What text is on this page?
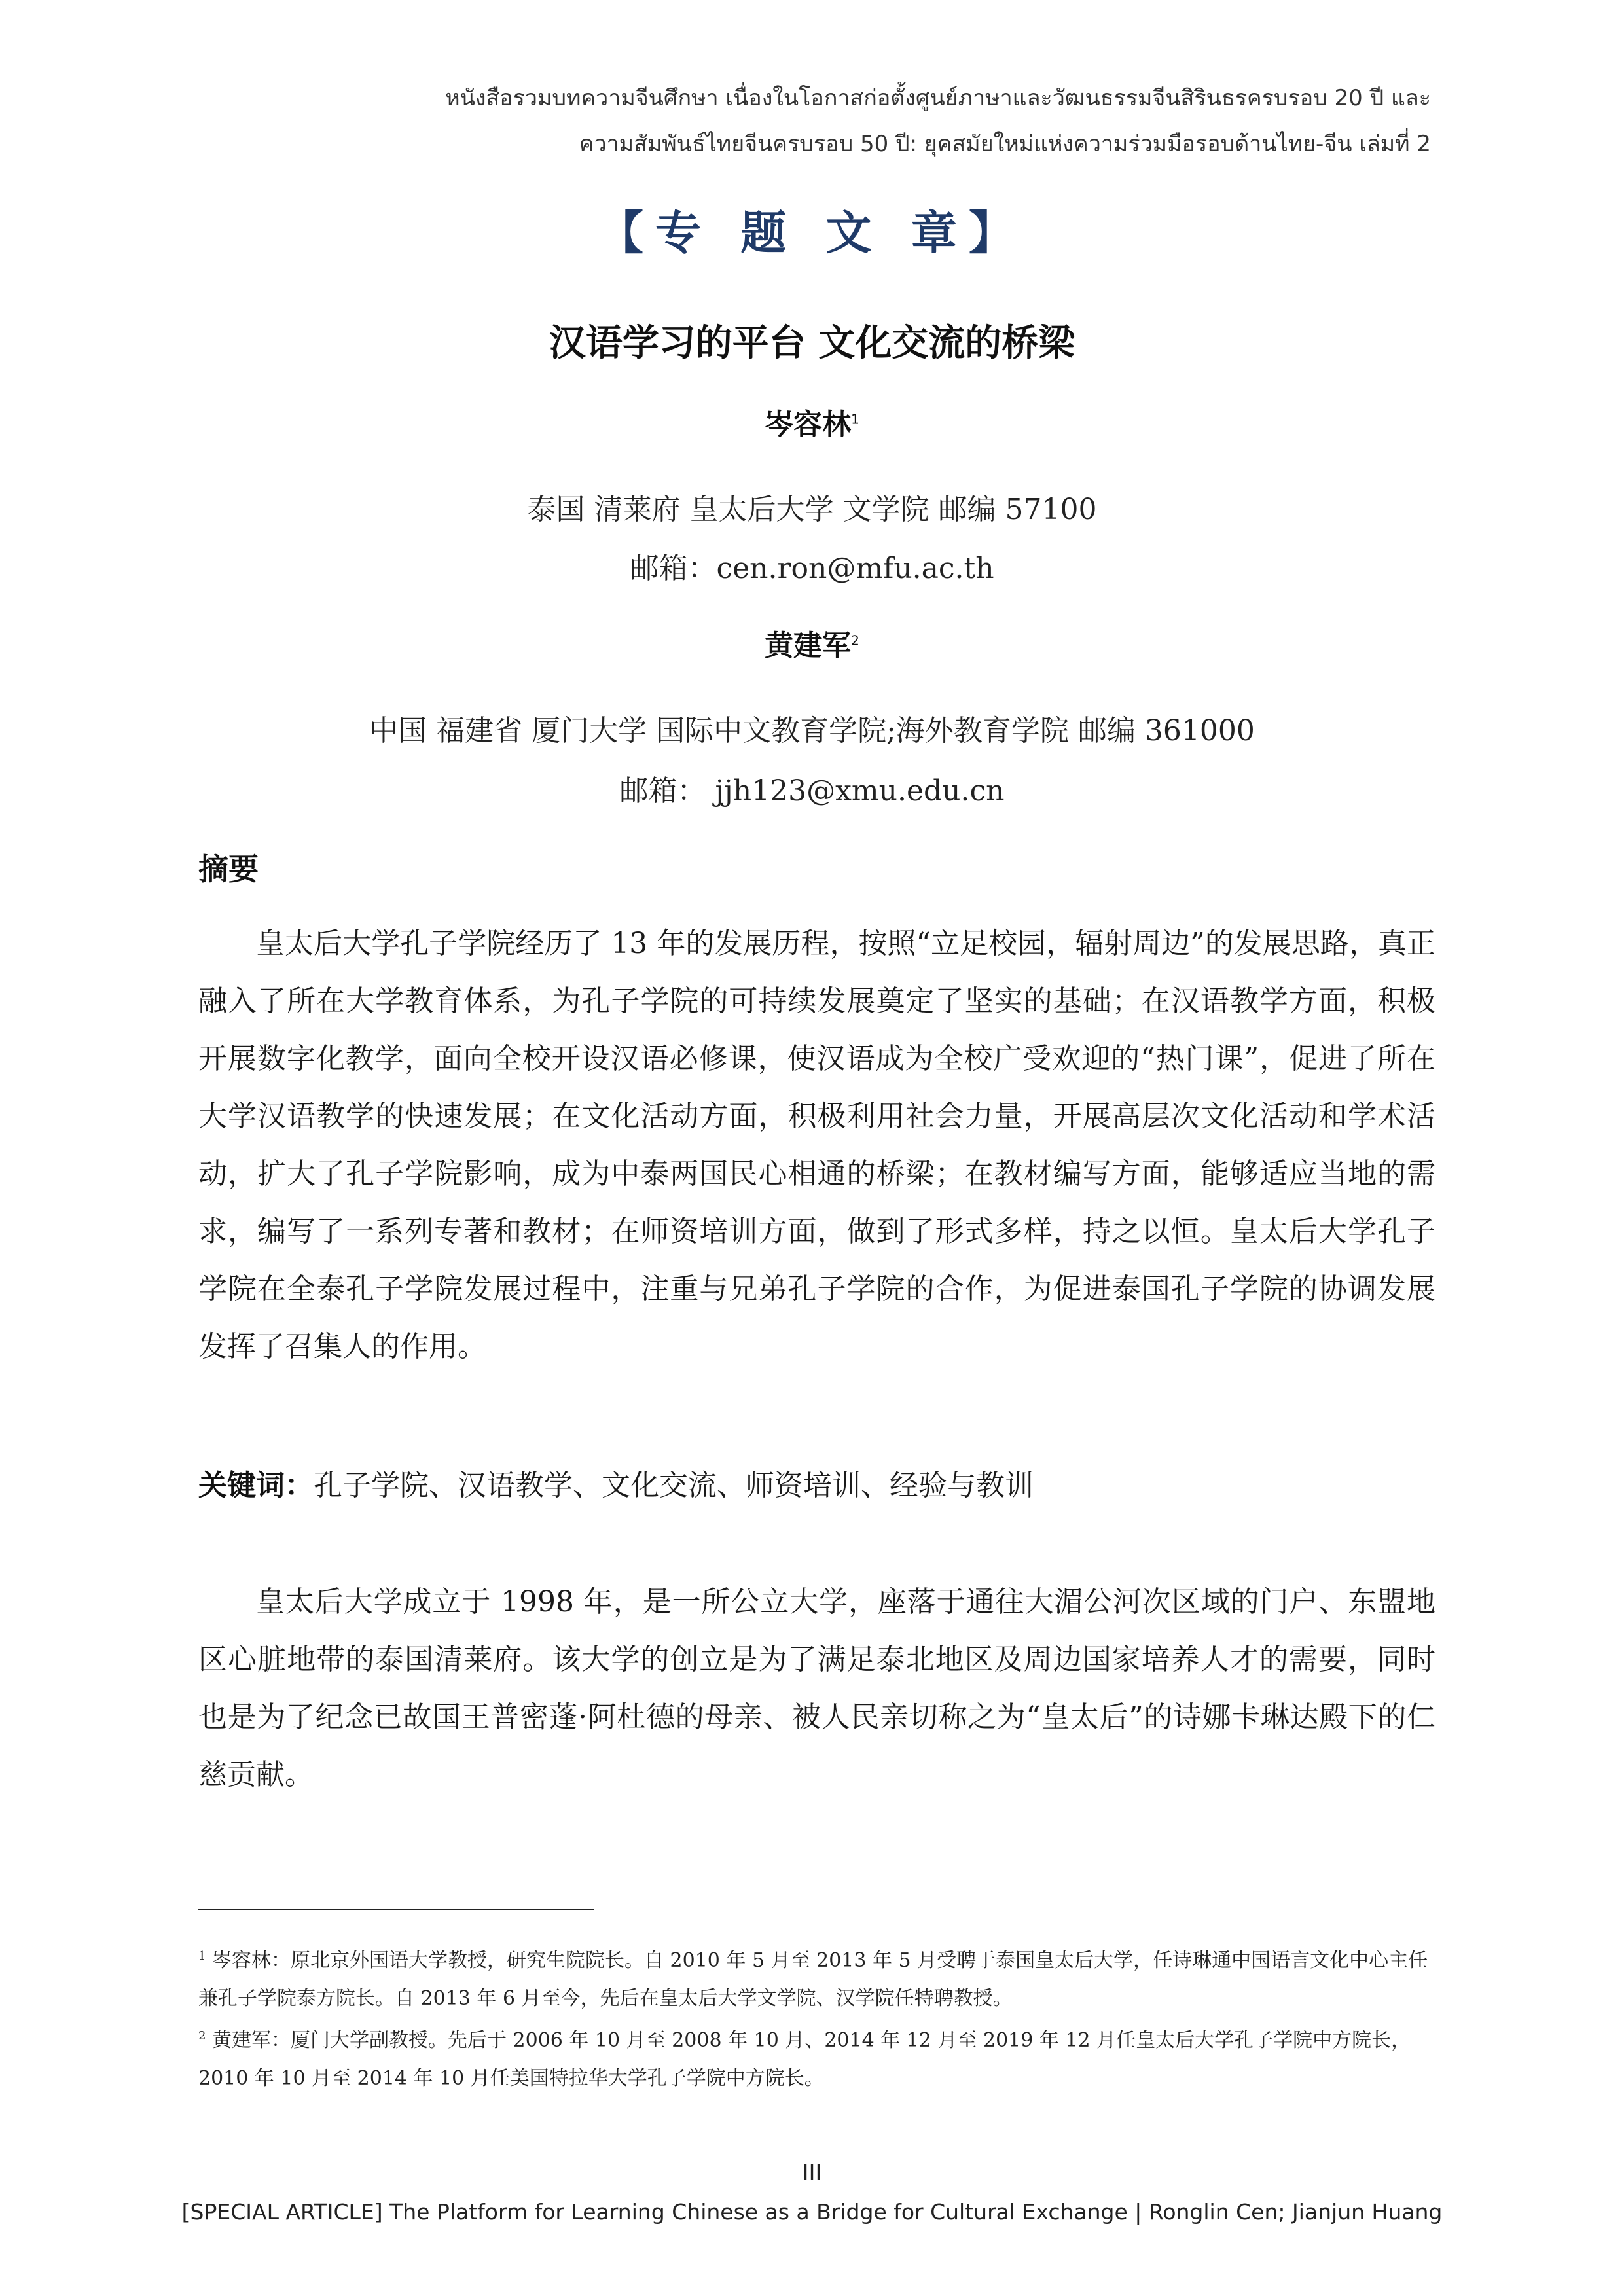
หนังสือรวมบทความจีนศึกษา เนื่องในโอกาสก่อตั้งศูนย์ภาษาและวัฒนธรรมจีนสิรินธรครบรอบ 20 ปี และ
ความสัมพันธ์ไทยจีนครบรอบ 50 ปี: ยุคสมัยใหม่แห่งความร่วมมือรอบด้านไทย-จีน เล่มที่ 2
【专 题 文 章】
汉语学习的平台 文化交流的桥梁
岑容林$^1$
泰国 清莱府 皇太后大学 文学院 邮编 57100
邮箱：cen.ron@mfu.ac.th
黄建军$^2$
中国 福建省 厦门大学 国际中文教育学院;海外教育学院 邮编 361000
邮箱： jjh123@xmu.edu.cn
摘要

皇太后大学孔子学院经历了 13 年的发展历程，按照“立足校园，辐射周边”的发展思路，真正融入了所在大学教育体系，为孔子学院的可持续发展奠定了坚实的基础；在汉语教学方面，积极开展数字化教学，面向全校开设汉语必修课，使汉语成为全校广受欢迎的“热门课”，促进了所在大学汉语教学的快速发展；在文化活动方面，积极利用社会力量，开展高层次文化活动和学术活动，扩大了孔子学院影响，成为中泰两国民心相通的桥梁；在教材编写方面，能够适应当地的需求，编写了一系列专著和教材；在师资培训方面，做到了形式多样，持之以恒。皇太后大学孔子学院在全泰孔子学院发展过程中，注重与兄弟孔子学院的合作，为促进泰国孔子学院的协调发展发挥了召集人的作用。

关键词：孔子学院、汉语教学、文化交流、师资培训、经验与教训

皇太后大学成立于 1998 年，是一所公立大学，座落于通往大湄公河次区域的门户、东盟地区心脏地带的泰国清莱府。该大学的创立是为了满足泰北地区及周边国家培养人才的需要，同时也是为了纪念已故国王普密蓬·阿杜德的母亲、被人民亲切称之为“皇太后”的诗娜卡琳达殿下的仁慈贡献。

$^1$ 岑容林：原北京外国语大学教授，研究生院院长。自 2010 年 5 月至 2013 年 5 月受聘于泰国皇太后大学，任诗琳通中国语言文化中心主任兼孔子学院泰方院长。自 2013 年 6 月至今，先后在皇太后大学文学院、汉学院任特聘教授。

$^2$ 黄建军：厦门大学副教授。先后于 2006 年 10 月至 2008 年 10 月、2014 年 12 月至 2019 年 12 月任皇太后大学孔子学院中方院长，2010 年 10 月至 2014 年 10 月任美国特拉华大学孔子学院中方院长。

III
[SPECIAL ARTICLE] The Platform for Learning Chinese as a Bridge for Cultural Exchange | Ronglin Cen; Jianjun Huang
